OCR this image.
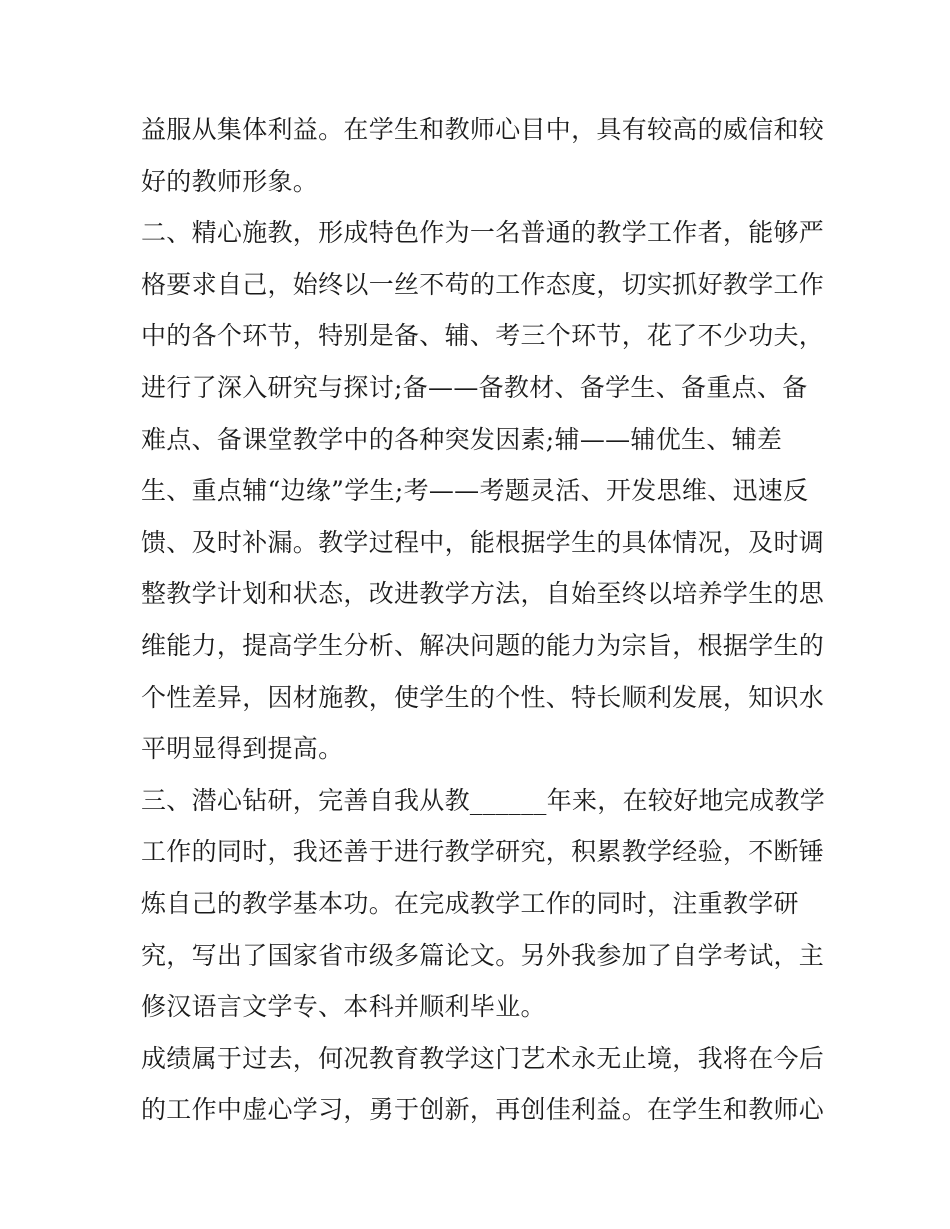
益服从集体利益。在学生和教师心目中，具有较高的威信和较
好的教师形象。
二、精心施教，形成特色作为一名普通的教学工作者，能够严
格要求自己，始终以一丝不苟的工作态度，切实抓好教学工作
中的各个环节，特别是备、辅、考三个环节，花了不少功夫，
进行了深入研究与探讨;备——备教材、备学生、备重点、备
难点、备课堂教学中的各种突发因素;辅——辅优生、辅差
生、重点辅“边缘”学生;考——考题灵活、开发思维、迅速反
馈、及时补漏。教学过程中，能根据学生的具体情况，及时调
整教学计划和状态，改进教学方法，自始至终以培养学生的思
维能力，提高学生分析、解决问题的能力为宗旨，根据学生的
个性差异，因材施教，使学生的个性、特长顺利发展，知识水
平明显得到提高。
三、潜心钻研，完善自我从教______年来，在较好地完成教学
工作的同时，我还善于进行教学研究，积累教学经验，不断锤
炼自己的教学基本功。在完成教学工作的同时，注重教学研
究，写出了国家省市级多篇论文。另外我参加了自学考试，主
修汉语言文学专、本科并顺利毕业。
成绩属于过去，何况教育教学这门艺术永无止境，我将在今后
的工作中虚心学习，勇于创新，再创佳利益。在学生和教师心
